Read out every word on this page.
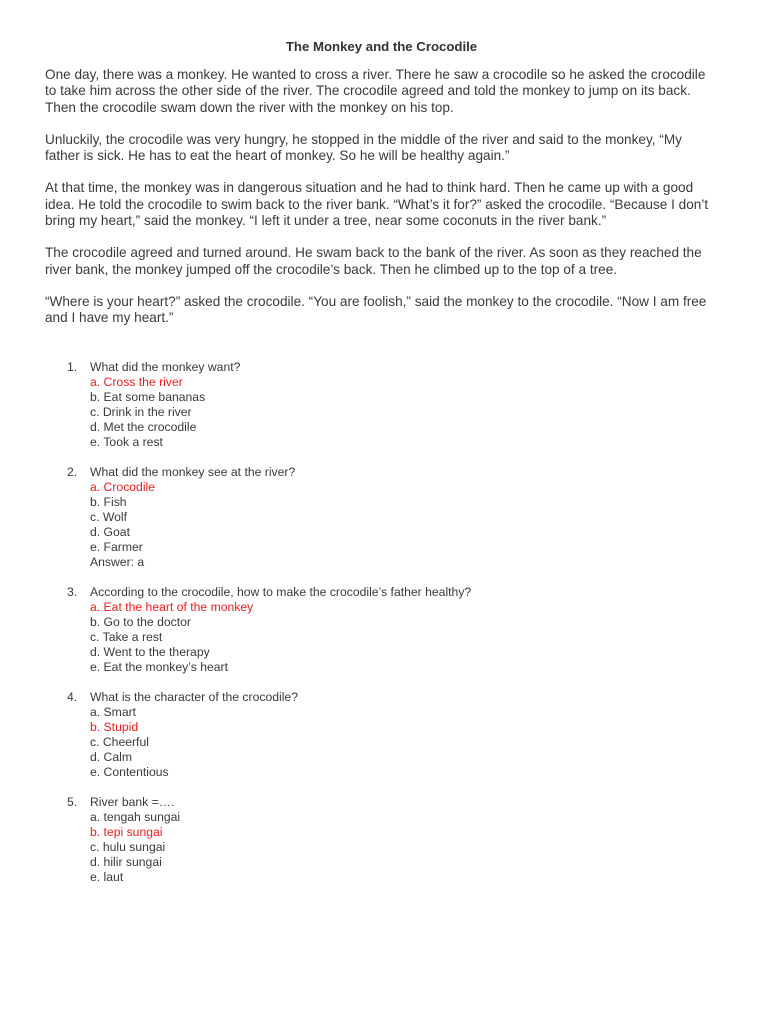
The Monkey and the Crocodile

One day, there was a monkey. He wanted to cross a river. There he saw a crocodile so he asked the crocodile to take him across the other side of the river. The crocodile agreed and told the monkey to jump on its back. Then the crocodile swam down the river with the monkey on his top.

Unluckily, the crocodile was very hungry, he stopped in the middle of the river and said to the monkey, “My father is sick. He has to eat the heart of monkey. So he will be healthy again.”

At that time, the monkey was in dangerous situation and he had to think hard. Then he came up with a good idea. He told the crocodile to swim back to the river bank. “What’s it for?” asked the crocodile. “Because I don’t bring my heart,” said the monkey. “I left it under a tree, near some coconuts in the river bank.”

The crocodile agreed and turned around. He swam back to the bank of the river. As soon as they reached the river bank, the monkey jumped off the crocodile’s back. Then he climbed up to the top of a tree.

“Where is your heart?” asked the crocodile. “You are foolish,” said the monkey to the crocodile. “Now I am free and I have my heart.”

1. What did the monkey want?
a. Cross the river
b. Eat some bananas
c. Drink in the river
d. Met the crocodile
e. Took a rest
2. What did the monkey see at the river?
a. Crocodile
b. Fish
c. Wolf
d. Goat
e. Farmer
Answer: a
3. According to the crocodile, how to make the crocodile’s father healthy?
a. Eat the heart of the monkey
b. Go to the doctor
c. Take a rest
d. Went to the therapy
e. Eat the monkey’s heart
4. What is the character of the crocodile?
a. Smart
b. Stupid
c. Cheerful
d. Calm
e. Contentious
5. River bank =….
a. tengah sungai
b. tepi sungai
c. hulu sungai
d. hilir sungai
e. laut
